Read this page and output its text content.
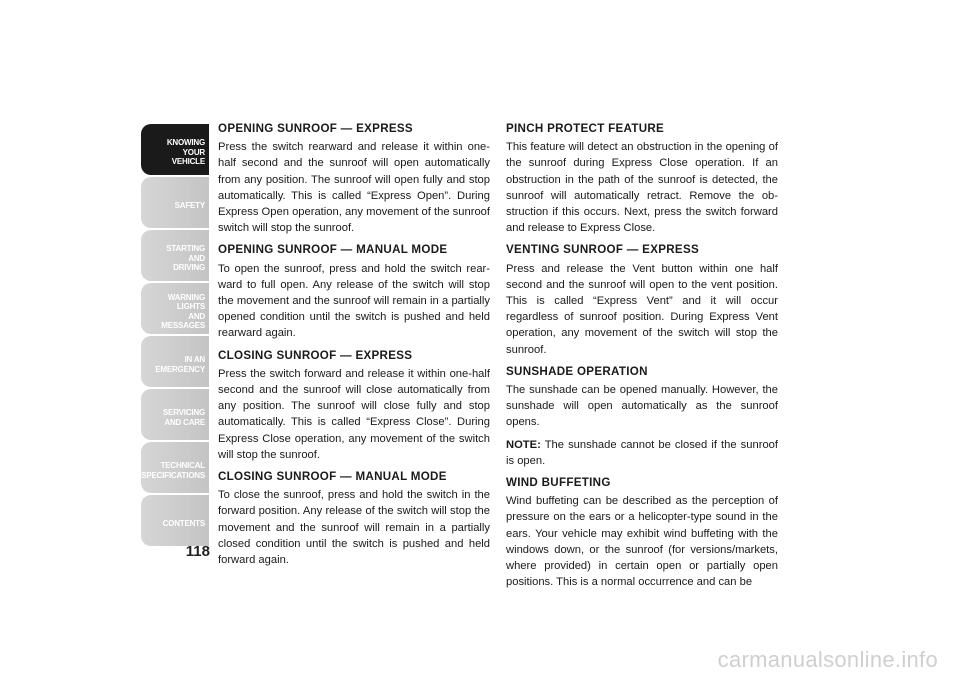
KNOWING
YOUR
VEHICLE
SAFETY
STARTING
AND
DRIVING
WARNING
LIGHTS
AND
MESSAGES
IN AN
EMERGENCY
SERVICING
AND CARE
TECHNICAL
SPECIFICATIONS
CONTENTS
118
OPENING SUNROOF — EXPRESS
Press the switch rearward and release it within one-half second and the sunroof will open automatically from any position. The sunroof will open fully and stop automatically. This is called “Express Open”. During Express Open operation, any movement of the sunroof switch will stop the sunroof.
OPENING SUNROOF — MANUAL MODE
To open the sunroof, press and hold the switch rear-ward to full open. Any release of the switch will stop the movement and the sunroof will remain in a partially opened condition until the switch is pushed and held rearward again.
CLOSING SUNROOF — EXPRESS
Press the switch forward and release it within one-half second and the sunroof will close automatically from any position. The sunroof will close fully and stop automatically. This is called “Express Close”. During Express Close operation, any movement of the switch will stop the sunroof.
CLOSING SUNROOF — MANUAL MODE
To close the sunroof, press and hold the switch in the forward position. Any release of the switch will stop the movement and the sunroof will remain in a partially closed condition until the switch is pushed and held forward again.
PINCH PROTECT FEATURE
This feature will detect an obstruction in the opening of the sunroof during Express Close operation. If an obstruction in the path of the sunroof is detected, the sunroof will automatically retract. Remove the ob-struction if this occurs. Next, press the switch forward and release to Express Close.
VENTING SUNROOF — EXPRESS
Press and release the Vent button within one half second and the sunroof will open to the vent position. This is called “Express Vent” and it will occur regardless of sunroof position. During Express Vent operation, any movement of the switch will stop the sunroof.
SUNSHADE OPERATION
The sunshade can be opened manually. However, the sunshade will open automatically as the sunroof opens.
NOTE: The sunshade cannot be closed if the sunroof is open.
WIND BUFFETING
Wind buffeting can be described as the perception of pressure on the ears or a helicopter-type sound in the ears. Your vehicle may exhibit wind buffeting with the windows down, or the sunroof (for versions/markets, where provided) in certain open or partially open positions. This is a normal occurrence and can be
carmanualsonline.info
